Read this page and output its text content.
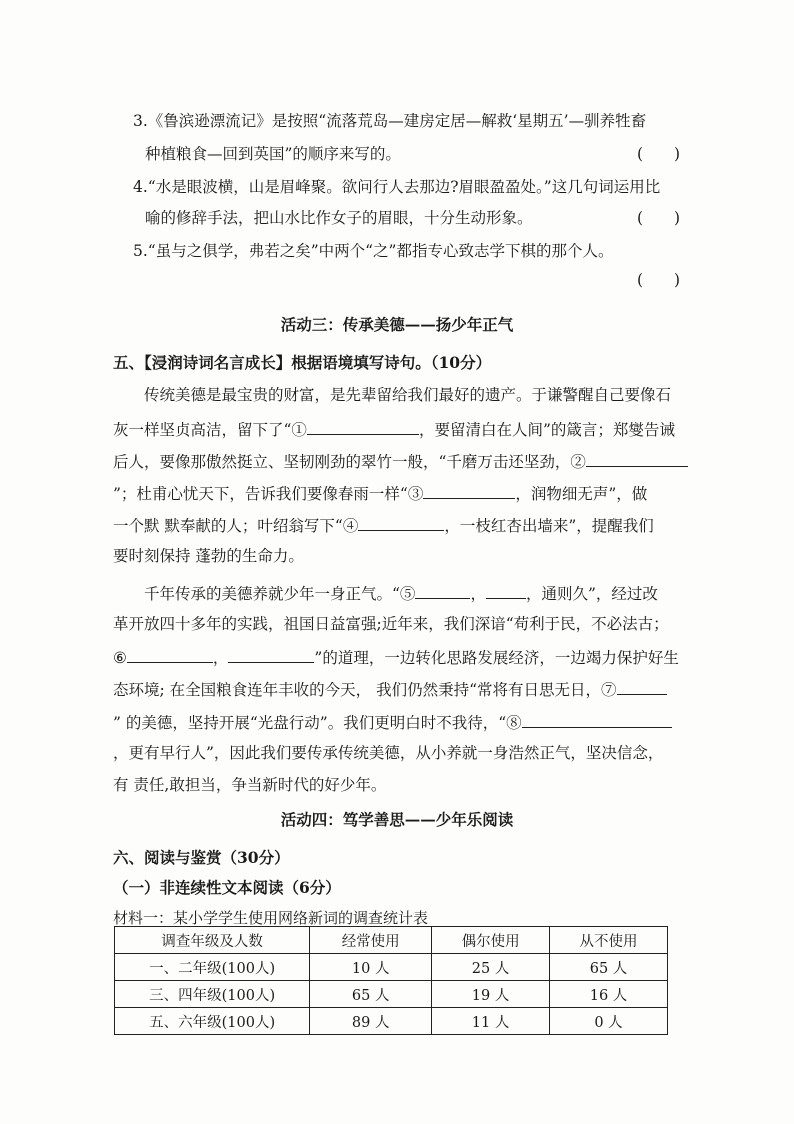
3.《鲁滨逊漂流记》是按照“流落荒岛—建房定居—解救‘星期五’—驯养牲畜
种植粮食—回到英国”的顺序来写的。	(　　)
4.“水是眼波横，山是眉峰聚。欲问行人去那边?眉眼盈盈处。”这几句词运用比
喻的修辞手法，把山水比作女子的眉眼，十分生动形象。	(　　)
5.“虽与之俱学，弗若之矣”中两个“之”都指专心致志学下棋的那个人。
(　　)
活动三：传承美德——扬少年正气
五、【浸润诗词名言成长】根据语境填写诗句。（10分）
传统美德是最宝贵的财富，是先辈留给我们最好的遗产。于谦警醒自己要像石
灰一样坚贞高洁，留下了“①	，要留清白在人间”的箴言；郑燮告诫
后人，要像那傲然挺立、坚韧刚劲的翠竹一般，“千磨万击还坚劲，②
”；杜甫心忧天下，告诉我们要像春雨一样“③	，润物细无声”，做
一个默 默奉献的人；叶绍翁写下“④	，一枝红杏出墙来”，提醒我们
要时刻保持 蓬勃的生命力。
千年传承的美德养就少年一身正气。“⑤	，	，通则久”，经过改
革开放四十多年的实践，祖国日益富强;近年来，我们深谙“苟利于民，不必法古；
⑥	，	”的道理，一边转化思路发展经济，一边竭力保护好生
态环境; 在全国粮食连年丰收的今天， 我们仍然秉持“常将有日思无日，⑦
” 的美德，坚持开展“光盘行动”。我们更明白时不我待，“⑧
，更有早行人”，因此我们要传承传统美德，从小养就一身浩然正气，坚决信念，
有 责任,敢担当，争当新时代的好少年。
活动四：笃学善思——少年乐阅读
六、阅读与鉴赏（30分）
（一）非连续性文本阅读（6分）
材料一：某小学学生使用网络新词的调查统计表
调查年级及人数	经常使用	偶尔使用	从不使用
一、二年级(100人)	10 人	25 人	65 人
三、四年级(100人)	65 人	19 人	16 人
五、六年级(100人)	89 人	11 人	0 人
